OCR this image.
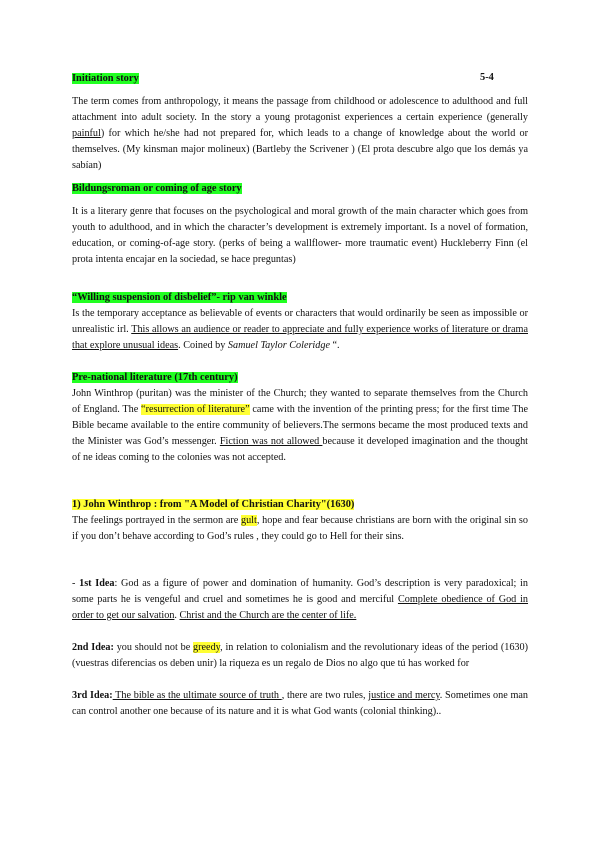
Initiation story	5-4
The term comes from anthropology, it means the passage from childhood or adolescence to adulthood and full attachment into adult society. In the story a young protagonist experiences a certain experience (generally painful) for which he/she had not prepared for, which leads to a change of knowledge about the world or themselves. (My kinsman major molineux) (Bartleby the Scrivener ) (El prota descubre algo que los demás ya sabían)
Bildungsroman or coming of age story
It is a literary genre that focuses on the psychological and moral growth of the main character which goes from youth to adulthood, and in which the character’s development is extremely important. Is a novel of formation, education, or coming-of-age story. (perks of being a wallflower- more traumatic event) Huckleberry Finn (el prota intenta encajar en la sociedad, se hace preguntas)
“Willing suspension of disbelief”- rip van winkle
Is the temporary acceptance as believable of events or characters that would ordinarily be seen as impossible or unrealistic irl. This allows an audience or reader to appreciate and fully experience works of literature or drama that explore unusual ideas. Coined by Samuel Taylor Coleridge “.
Pre-national literature (17th century)
John Winthrop (puritan) was the minister of the Church; they wanted to separate themselves from the Church of England. The “resurrection of literature” came with the invention of the printing press; for the first time The Bible became available to the entire community of believers.The sermons became the most produced texts and the Minister was God’s messenger. Fiction was not allowed because it developed imagination and the thought of ne ideas coming to the colonies was not accepted.
1) John Winthrop : from "A Model of Christian Charity"(1630)
The feelings portrayed in the sermon are gult, hope and fear because christians are born with the original sin so if you don’t behave according to God’s rules , they could go to Hell for their sins.
- 1st Idea: God as a figure of power and domination of humanity. God’s description is very paradoxical; in some parts he is vengeful and cruel and sometimes he is good and merciful Complete obedience of God in order to get our salvation. Christ and the Church are the center of life.
2nd Idea: you should not be greedy, in relation to colonialism and the revolutionary ideas of the period (1630) (vuestras diferencias os deben unir) la riqueza es un regalo de Dios no algo que tú has worked for
3rd Idea: The bible as the ultimate source of truth , there are two rules, justice and mercy. Sometimes one man can control another one because of its nature and it is what God wants (colonial thinking)..
